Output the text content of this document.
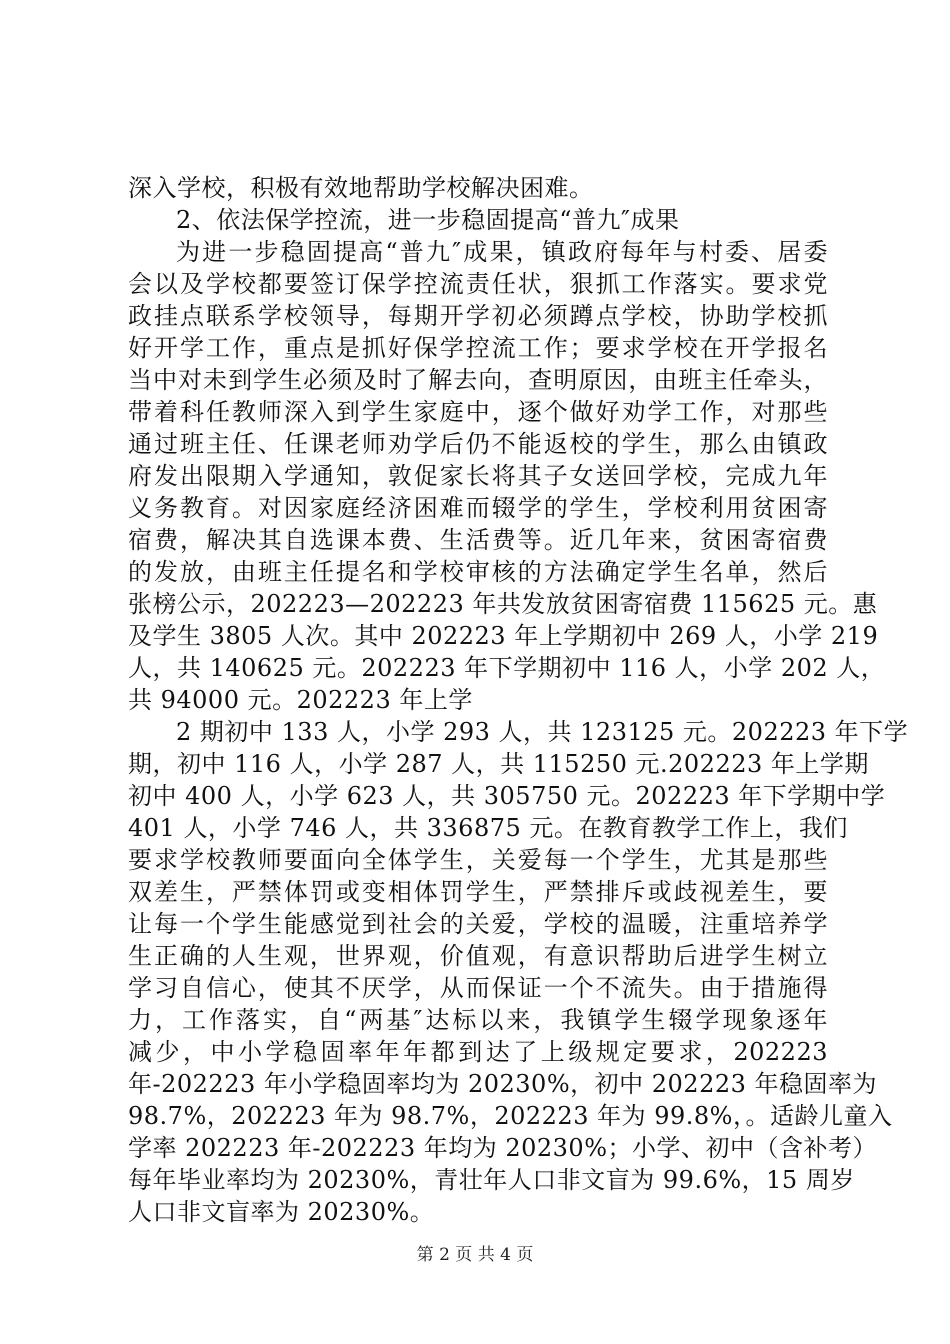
深入学校，积极有效地帮助学校解决困难。
2、依法保学控流，进一步稳固提高“普九″成果
为进一步稳固提高“普九″成果，镇政府每年与村委、居委
会以及学校都要签订保学控流责任状，狠抓工作落实。要求党
政挂点联系学校领导，每期开学初必须蹲点学校，协助学校抓
好开学工作，重点是抓好保学控流工作；要求学校在开学报名
当中对未到学生必须及时了解去向，查明原因，由班主任牵头，
带着科任教师深入到学生家庭中，逐个做好劝学工作，对那些
通过班主任、任课老师劝学后仍不能返校的学生，那么由镇政
府发出限期入学通知，敦促家长将其子女送回学校，完成九年
义务教育。对因家庭经济困难而辍学的学生，学校利用贫困寄
宿费，解决其自选课本费、生活费等。近几年来，贫困寄宿费
的发放，由班主任提名和学校审核的方法确定学生名单，然后
张榜公示，202223—202223 年共发放贫困寄宿费 115625 元。惠
及学生 3805 人次。其中 202223 年上学期初中 269 人，小学 219
人，共 140625 元。202223 年下学期初中 116 人，小学 202 人，
共 94000 元。202223 年上学
2 期初中 133 人，小学 293 人，共 123125 元。202223 年下学
期，初中 116 人，小学 287 人，共 115250 元.202223 年上学期
初中 400 人，小学 623 人，共 305750 元。202223 年下学期中学
401 人，小学 746 人，共 336875 元。在教育教学工作上，我们
要求学校教师要面向全体学生，关爱每一个学生，尤其是那些
双差生，严禁体罚或变相体罚学生，严禁排斥或歧视差生，要
让每一个学生能感觉到社会的关爱，学校的温暖，注重培养学
生正确的人生观，世界观，价值观，有意识帮助后进学生树立
学习自信心，使其不厌学，从而保证一个不流失。由于措施得
力，工作落实，自“两基″达标以来，我镇学生辍学现象逐年
减少，中小学稳固率年年都到达了上级规定要求，202223
年-202223 年小学稳固率均为 20230%，初中 202223 年稳固率为
98.7%，202223 年为 98.7%，202223 年为 99.8%，。适龄儿童入
学率 202223 年-202223 年均为 20230%；小学、初中（含补考）
每年毕业率均为 20230%，青壮年人口非文盲为 99.6%，15 周岁
人口非文盲率为 20230%。
第 2 页 共 4 页
